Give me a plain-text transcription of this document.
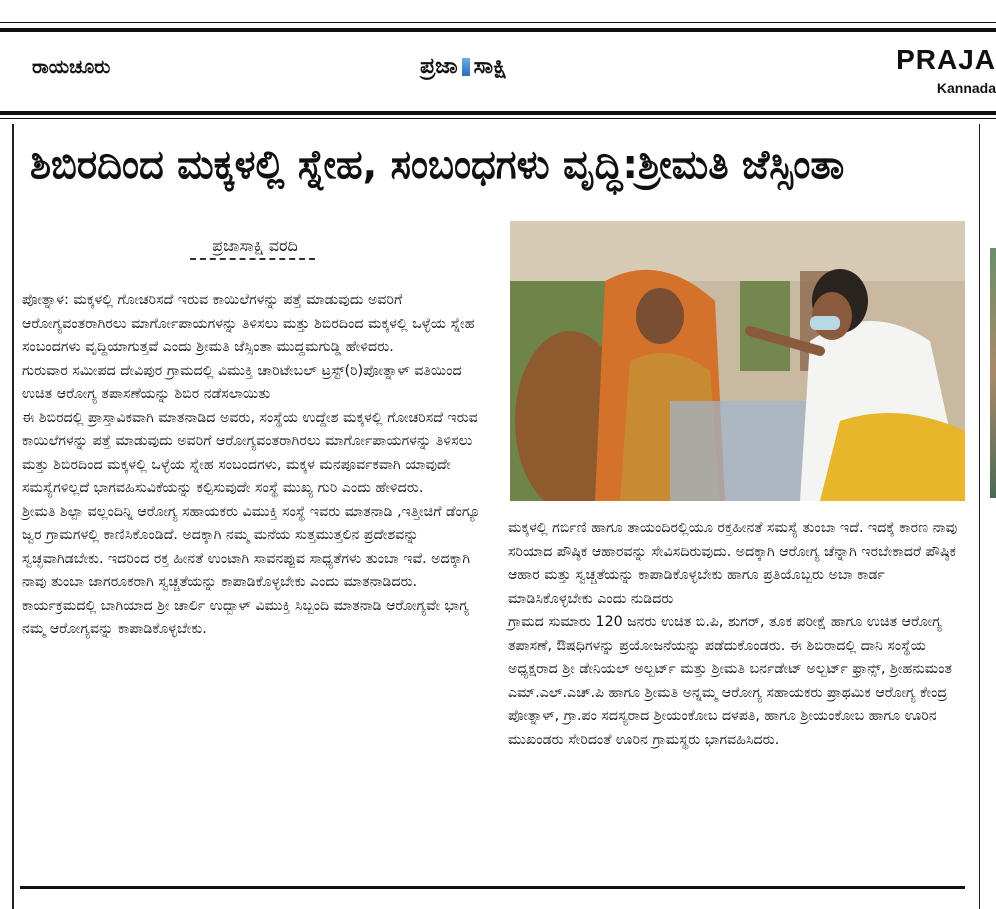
ರಾಯಚೂರು	ಪ್ರಜಾ ಸಾಕ್ಷಿ	PRAJA
Kannada
ಶಿಬಿರದಿಂದ ಮಕ್ಕಳಲ್ಲಿ ಸ್ನೇಹ, ಸಂಬಂಧಗಳು ವೃದ್ಧಿ:ಶ್ರೀಮತಿ ಜೆಸ್ಸಿಂತಾ
ಪ್ರಜಾಸಾಕ್ಷಿ ವರದಿ

ಪೋತ್ನಾಳ: ಮಕ್ಕಳಲ್ಲಿ ಗೋಚರಿಸದೆ ಇರುವ ಕಾಯಿಲೆಗಳನ್ನು ಪತ್ತೆ ಮಾಡುವುದು ಅವರಿಗೆ ಆರೋಗ್ಯವಂತರಾಗಿರಲು ಮಾರ್ಗೋಪಾಯಗಳನ್ನು ತಿಳಿಸಲು ಮತ್ತು ಶಿಬಿರದಿಂದ ಮಕ್ಕಳಲ್ಲಿ ಒಳ್ಳೆಯ ಸ್ನೇಹ ಸಂಬಂದಗಳು ವೃದ್ದಿಯಾಗುತ್ತವೆ ಎಂದು ಶ್ರೀಮತಿ ಜೆಸ್ಸಿಂತಾ ಮುದ್ದಮಗುಡ್ಡಿ ಹೇಳಿದರು.

ಗುರುವಾರ ಸಮೀಪದ ದೇವಿಪುರ ಗ್ರಾಮದಲ್ಲಿ ವಿಮುಕ್ತಿ ಚಾರಿಟೇಬಲ್ ಟ್ರಸ್ಟ್(ರಿ)ಪೋತ್ನಾಳ್ ವತಿಯಿಂದ ಉಚಿತ ಆರೋಗ್ಯ ತಪಾಸಣೆಯನ್ನು ಶಿಬಿರ ನಡೆಸಲಾಯಿತು

ಈ ಶಿಬಿರದಲ್ಲಿ ಪ್ರಾಸ್ತಾವಿಕವಾಗಿ ಮಾತನಾಡಿದ ಅವರು, ಸಂಸ್ಥೆಯ ಉದ್ದೇಶ ಮಕ್ಕಳಲ್ಲಿ ಗೋಚರಿಸದೆ ಇರುವ ಕಾಯಿಲೆಗಳನ್ನು ಪತ್ತೆ ಮಾಡುವುದು ಅವರಿಗೆ ಆರೋಗ್ಯವಂತರಾಗಿರಲು ಮಾರ್ಗೋಪಾಯಗಳನ್ನು ತಿಳಿಸಲು ಮತ್ತು ಶಿಬಿರದಿಂದ ಮಕ್ಕಳಲ್ಲಿ ಒಳ್ಳೆಯ ಸ್ನೇಹ ಸಂಬಂದಗಳು, ಮಕ್ಕಳ ಮನಪೂರ್ವಕವಾಗಿ ಯಾವುದೇ ಸಮಸ್ಯೆಗಳಿಲ್ಲದೆ ಭಾಗವಹಿಸುವಿಕೆಯನ್ನು ಕಲ್ಪಿಸುವುದೇ ಸಂಸ್ಥೆ ಮುಖ್ಯ ಗುರಿ ಎಂದು ಹೇಳಿದರು.

ಶ್ರೀಮತಿ ಶಿಲ್ಪಾ ವಲ್ಲಂದಿನ್ನಿ ಆರೋಗ್ಯ ಸಹಾಯಕರು ವಿಮುಕ್ತಿ ಸಂಸ್ಥೆ ಇವರು ಮಾತನಾಡಿ ,ಇತ್ತೀಚಿಗೆ ಡೆಂಗ್ಯೂ ಜ್ವರ ಗ್ರಾಮಗಳಲ್ಲಿ ಕಾಣಿಸಿಕೊಂಡಿದೆ. ಅದಕ್ಕಾಗಿ ನಮ್ಮ ಮನೆಯ ಸುತ್ತಮುತ್ತಲಿನ ಪ್ರದೇಶವನ್ನು ಸ್ವಚ್ಛವಾಗಿಡಬೇಕು. ಇದರಿಂದ ರಕ್ತ ಹೀನತೆ ಉಂಟಾಗಿ ಸಾವನಪ್ಪುವ ಸಾಧ್ಯತೆಗಳು ತುಂಬಾ ಇವೆ. ಅದಕ್ಕಾಗಿ ನಾವು ತುಂಬಾ ಜಾಗರೂಕರಾಗಿ ಸ್ವಚ್ಚತೆಯನ್ನು ಕಾಪಾಡಿಕೊಳ್ಳಬೇಕು ಎಂದು ಮಾತನಾಡಿದರು.

ಕಾರ್ಯಕ್ರಮದಲ್ಲಿ ಬಾಗಿಯಾದ ಶ್ರೀ ಚಾರ್ಲಿ ಉದ್ಬಾಳ್ ವಿಮುಕ್ತಿ ಸಿಬ್ಬಂದಿ ಮಾತನಾಡಿ ಆರೋಗ್ಯವೇ ಭಾಗ್ಯ ನಮ್ಮ ಆರೋಗ್ಯವನ್ನು ಕಾಪಾಡಿಕೊಳ್ಳಬೇಕು.

ಮಕ್ಕಳಲ್ಲಿ ಗರ್ಬಿಣಿ ಹಾಗೂ ತಾಯಂದಿರಲ್ಲಿಯೂ ರಕ್ತಹೀನತೆ ಸಮಸ್ಯೆ ತುಂಬಾ ಇದೆ. ಇದಕ್ಕೆ ಕಾರಣ ನಾವು ಸರಿಯಾದ ಪೌಷ್ಠಿಕ ಆಹಾರವನ್ನು ಸೇವಿಸದಿರುವುದು. ಅದಕ್ಕಾಗಿ ಆರೋಗ್ಯ ಚೆನ್ನಾಗಿ ಇರಬೇಕಾದರೆ ಪೌಷ್ಠಿಕ ಆಹಾರ ಮತ್ತು ಸ್ವಚ್ಚತೆಯನ್ನು ಕಾಪಾಡಿಕೊಳ್ಳಬೇಕು ಹಾಗೂ ಪ್ರತಿಯೊಬ್ಬರು ಅಬಾ ಕಾರ್ಡ ಮಾಡಿಸಿಕೊಳ್ಳಬೇಕು ಎಂದು ನುಡಿದರು

ಗ್ರಾಮದ ಸುಮಾರು 120 ಜನರು ಉಚಿತ ಬಿ.ಪಿ, ಶುಗರ್, ತೂಕ ಪರೀಕ್ಷೆ ಹಾಗೂ ಉಚಿತ ಆರೋಗ್ಯ ತಪಾಸಣೆ, ಔಷಧಿಗಳನ್ನು ಪ್ರಯೋಜನೆಯನ್ನು ಪಡೆದುಕೊಂಡರು. ಈ ಶಿಬಿರಾದಲ್ಲಿ ದಾನಿ ಸಂಸ್ಥೆಯ ಅಧ್ಯಕ್ಷರಾದ ಶ್ರೀ ಡೇನಿಯಲ್ ಅಲ್ಬರ್ಟ್ ಮತ್ತು ಶ್ರೀಮತಿ ಬರ್ನಡೇಟ್ ಅಲ್ಬರ್ಟ್ ಫ್ರಾನ್ಸ್, ಶ್ರೀಹನುಮಂತ ಎಮ್.ಎಲ್.ಎಚ್.ಪಿ ಹಾಗೂ ಶ್ರೀಮತಿ ಅನ್ನಮ್ಮ ಆರೋಗ್ಯ ಸಹಾಯಕರು ಪ್ರಾಥಮಿಕ ಆರೋಗ್ಯ ಕೇಂದ್ರ ಪೋತ್ನಾಳ್, ಗ್ರಾ.ಪಂ ಸದಸ್ಯರಾದ ಶ್ರೀಯಂಕೋಬ ದಳಪತಿ, ಹಾಗೂ ಶ್ರೀಯಂಕೋಬ ಹಾಗೂ ಊರಿನ ಮುಖಂಡರು ಸೇರಿದಂತೆ ಊರಿನ ಗ್ರಾಮಸ್ಥರು ಭಾಗವಹಿಸಿದರು.
